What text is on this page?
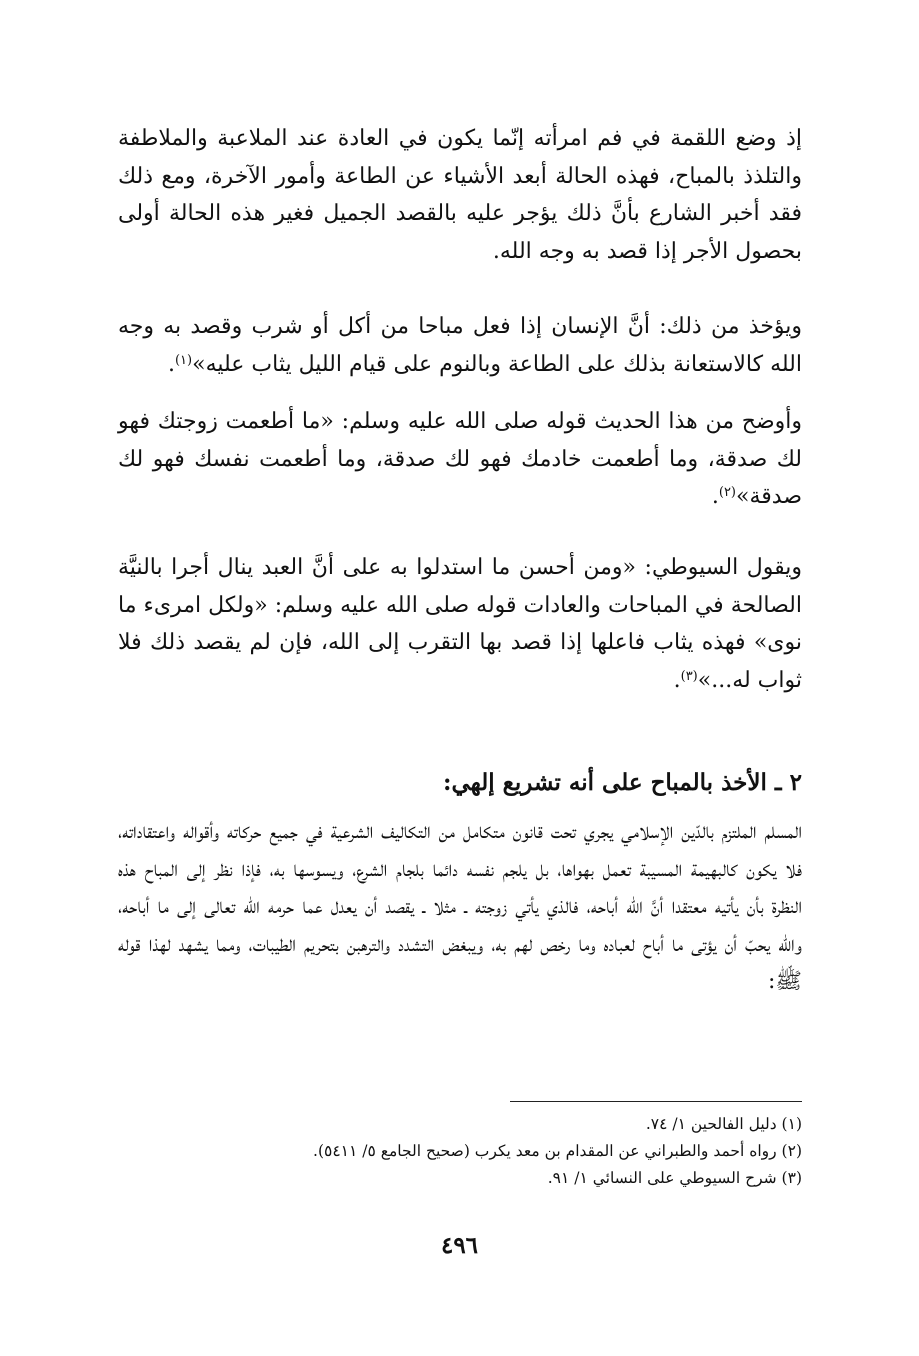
إذ وضع اللقمة في فم امرأته إنّما يكون في العادة عند الملاعبة والملاطفة والتلذذ بالمباح، فهذه الحالة أبعد الأشياء عن الطاعة وأمور الآخرة، ومع ذلك فقد أخبر الشارع بأنَّ ذلك يؤجر عليه بالقصد الجميل فغير هذه الحالة أولى بحصول الأجر إذا قصد به وجه الله.

ويؤخذ من ذلك: أنَّ الإنسان إذا فعل مباحا من أكل أو شرب وقصد به وجه الله كالاستعانة بذلك على الطاعة وبالنوم على قيام الليل يثاب عليه»$^{(١)}$.

وأوضح من هذا الحديث قوله صلى الله عليه وسلم: «ما أطعمت زوجتك فهو لك صدقة، وما أطعمت خادمك فهو لك صدقة، وما أطعمت نفسك فهو لك صدقة»$^{(٢)}$.

ويقول السيوطي: «ومن أحسن ما استدلوا به على أنَّ العبد ينال أجرا بالنيَّة الصالحة في المباحات والعادات قوله صلى الله عليه وسلم: «ولكل امرىء ما نوى» فهذه يثاب فاعلها إذا قصد بها التقرب إلى الله، فإن لم يقصد ذلك فلا ثواب له...»$^{(٣)}$.

٢ ـ الأخذ بالمباح على أنه تشريع إلهي:

المسلم الملتزم بالدّين الإسلامي يجري تحت قانون متكامل من التكاليف الشرعية في جميع حركاته وأقواله واعتقاداته، فلا يكون كالبهيمة المسيبة تعمل بهواها، بل يلجم نفسه دائما بلجام الشرع، ويسوسها به، فإذا نظر إلى المباح هذه النظرة بأن يأتيه معتقدا أنَّ الله أباحه، فالذي يأتي زوجته ـ مثلا ـ يقصد أن يعدل عما حرمه الله تعالى إلى ما أباحه، والله يحبّ أن يؤتى ما أباح لعباده وما رخص لهم به، ويبغض التشدد والترهبن بتحريم الطيبات، ومما يشهد لهذا قوله ﷺ:

(١) دليل الفالحين ١/ ٧٤.
(٢) رواه أحمد والطبراني عن المقدام بن معد يكرب (صحيح الجامع ٥/ ٥٤١١).
(٣) شرح السيوطي على النسائي ١/ ٩١.
٤٩٦
